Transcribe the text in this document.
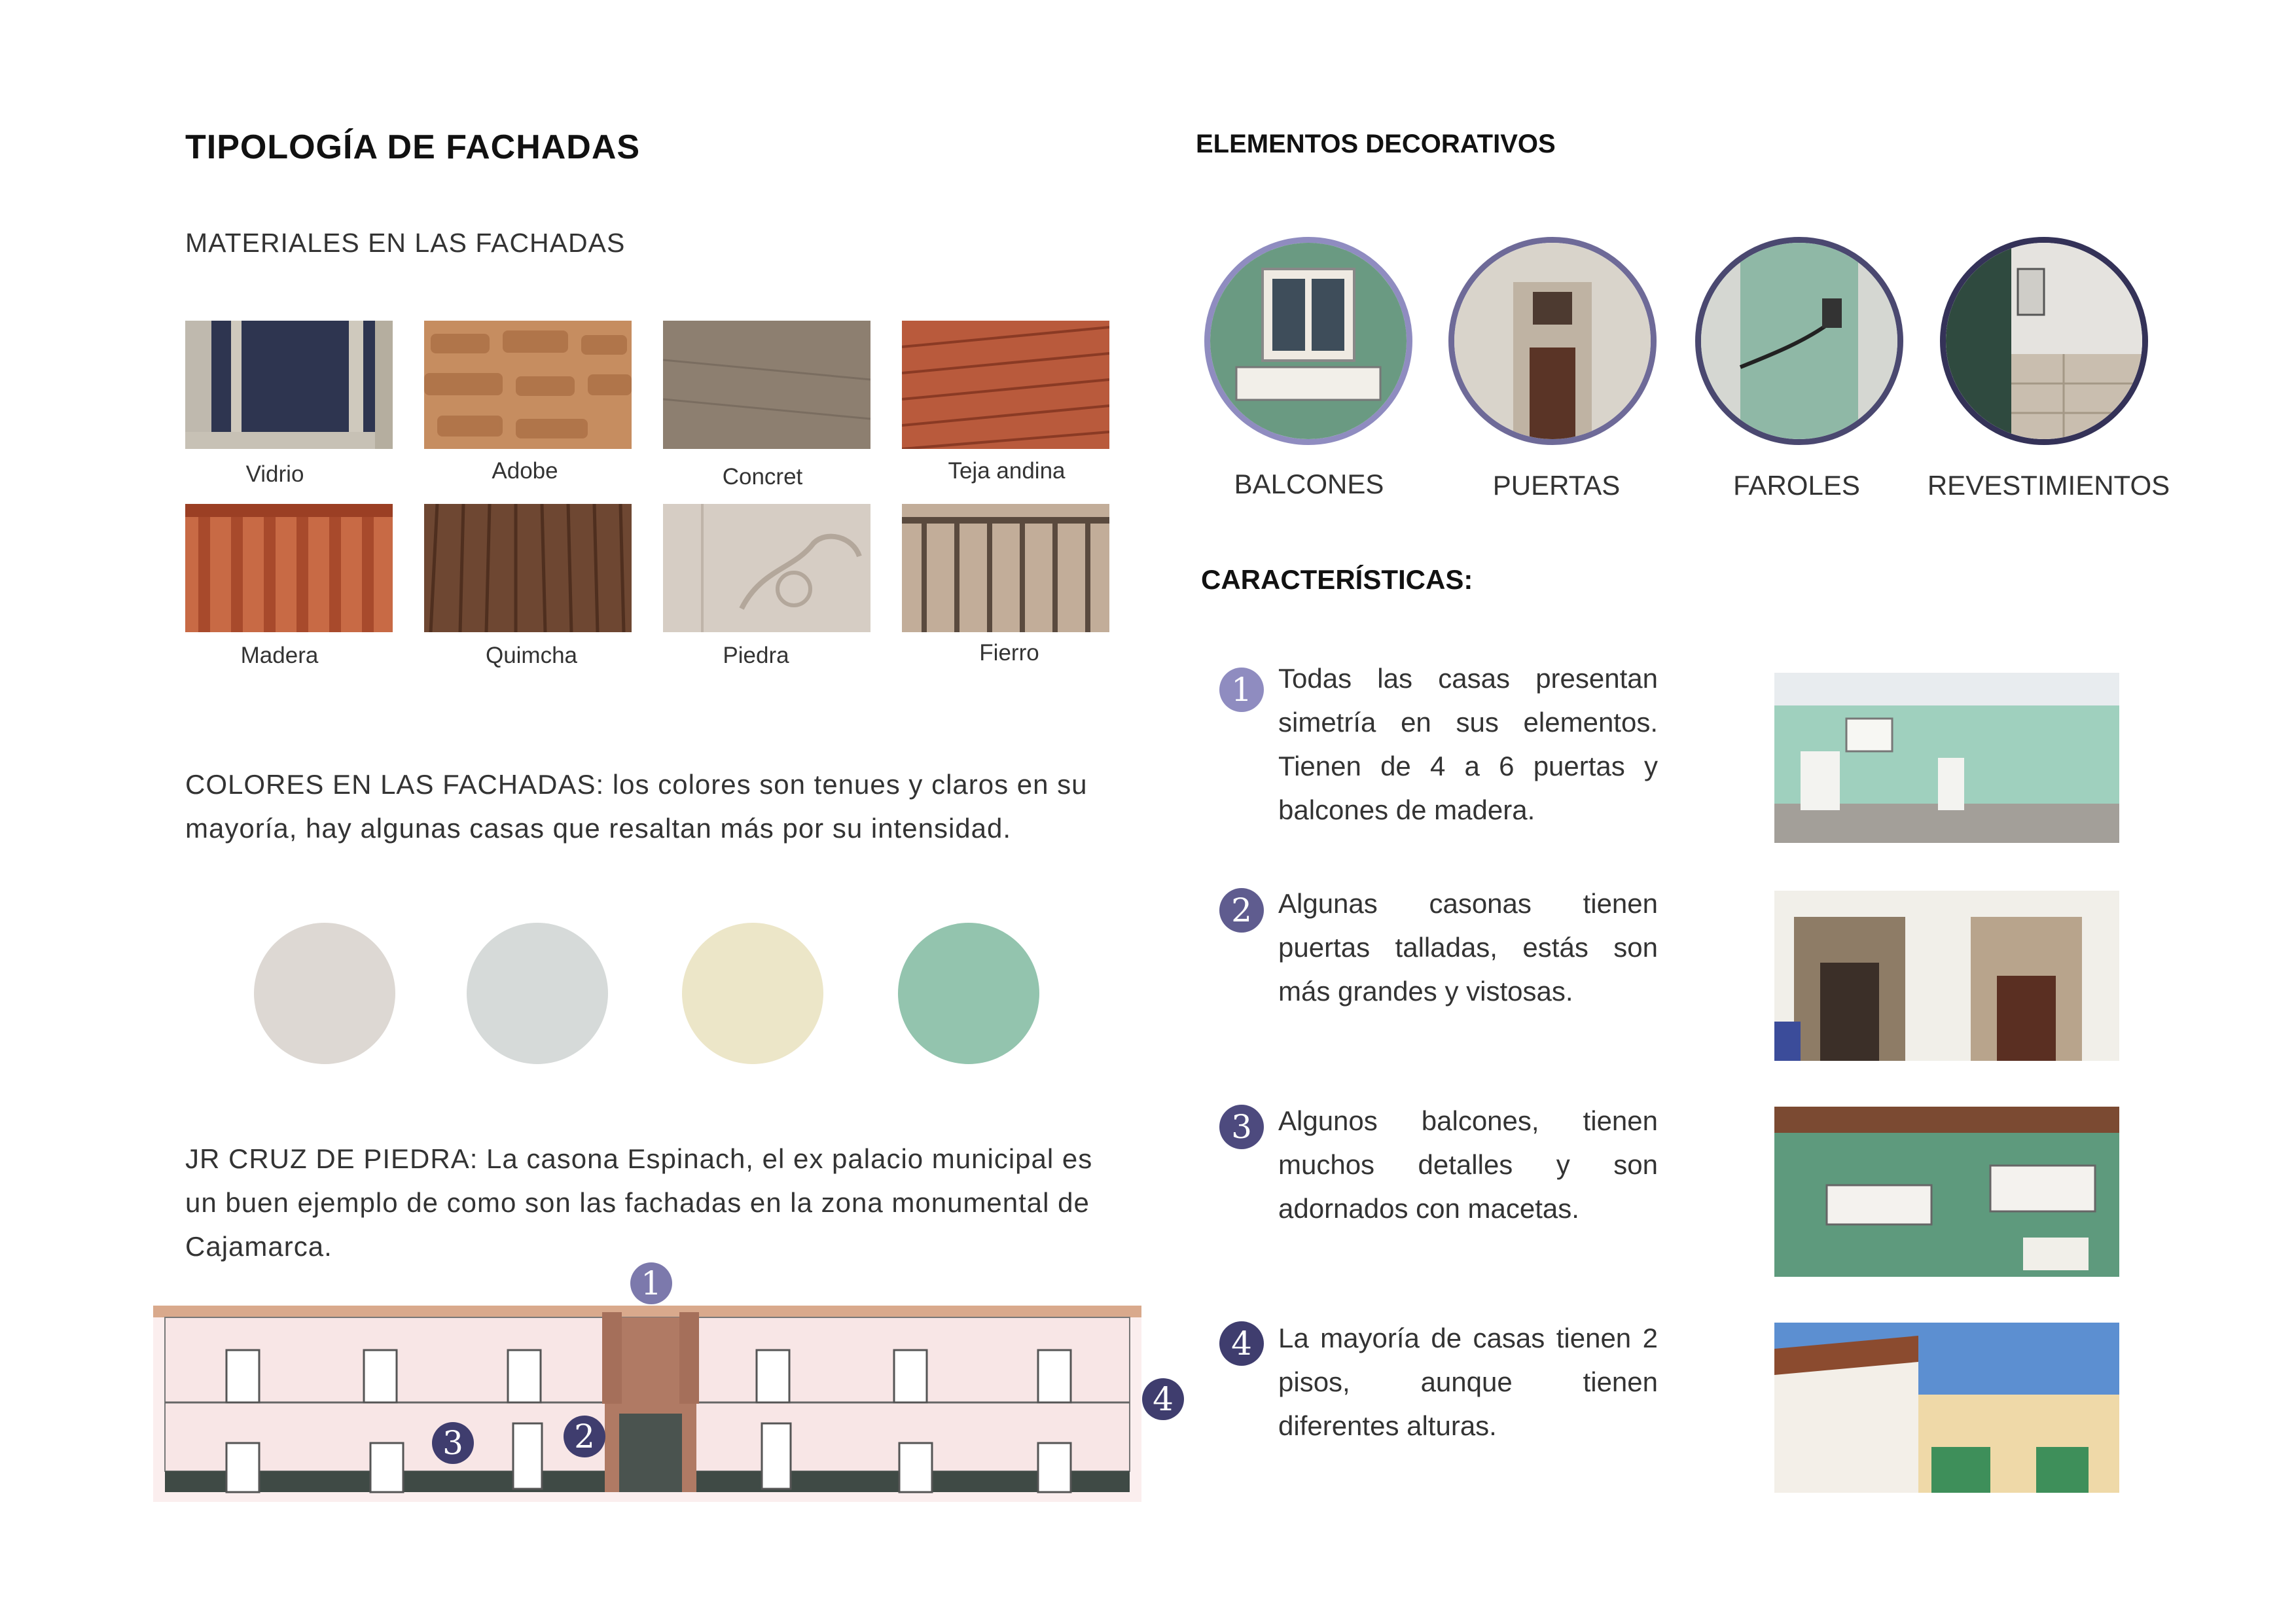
TIPOLOGÍA DE FACHADAS
MATERIALES EN LAS FACHADAS
Vidrio	Adobe	Concret	Teja andina
Madera	Quimcha	Piedra	Fierro
COLORES EN LAS FACHADAS: los colores son tenues y claros en su mayoría, hay algunas casas que resaltan más por su intensidad.
JR CRUZ DE PIEDRA: La casona Espinach, el ex palacio municipal es un buen ejemplo de como son las fachadas en la zona monumental de Cajamarca.
1
2
3
4
ELEMENTOS DECORATIVOS
BALCONES	PUERTAS	FAROLES	REVESTIMIENTOS
CARACTERÍSTICAS:
1 Todas las casas presentan simetría en sus elementos. Tienen de 4 a 6 puertas y balcones de madera.
2 Algunas casonas tienen puertas talladas, estás son más grandes y vistosas.
3 Algunos balcones, tienen muchos detalles y son adornados con macetas.
4 La mayoría de casas tienen 2 pisos, aunque tienen diferentes alturas.
